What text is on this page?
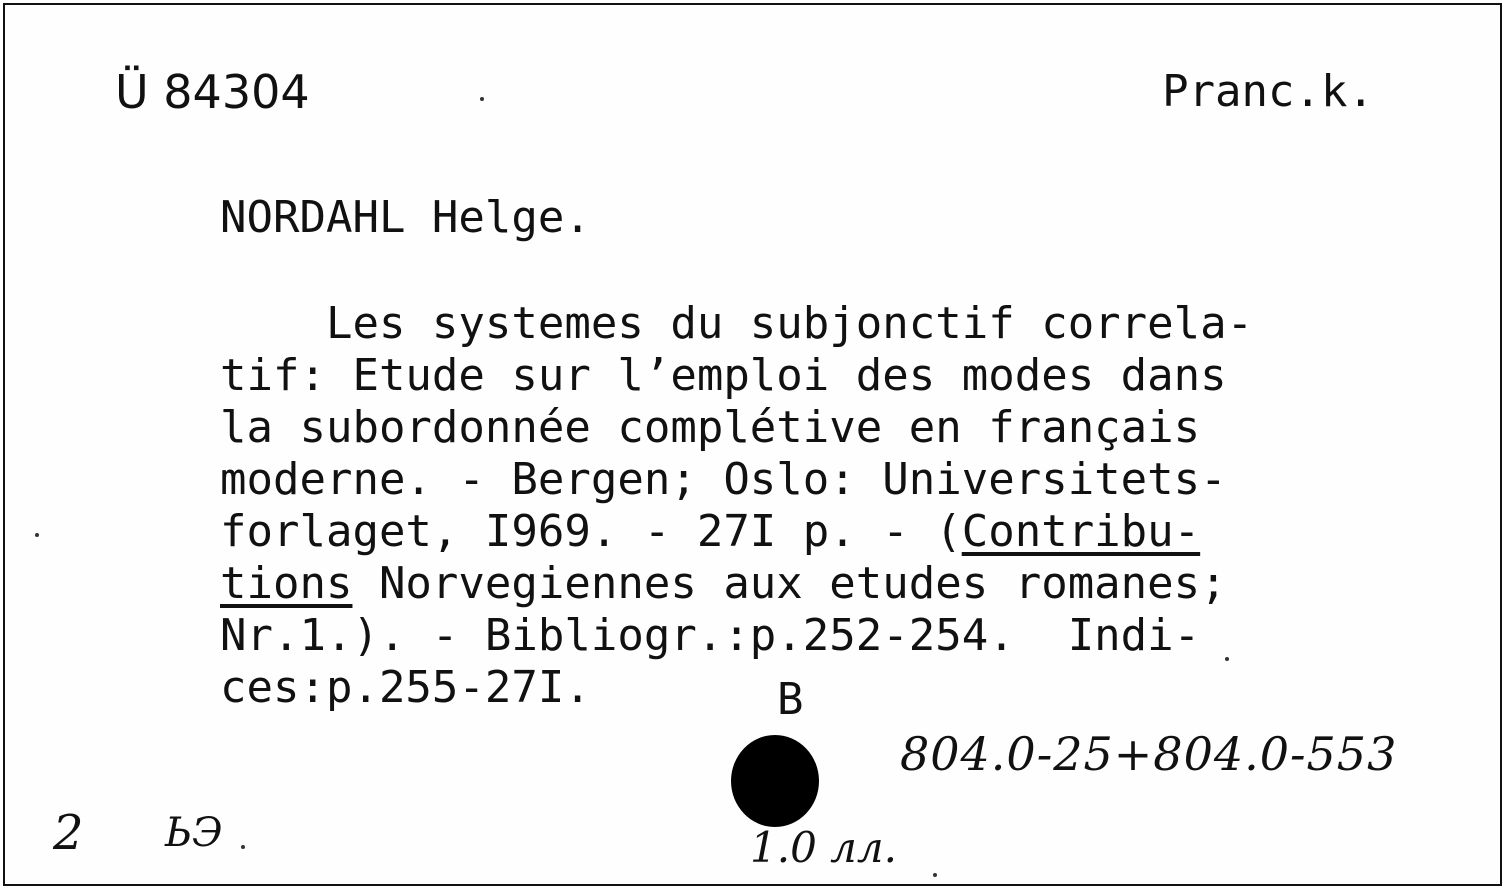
Ü 84304	Pranc.k.
NORDAHL Helge.
Les systemes du subjonctif correla-
tif: Etude sur l’emploi des modes dans
la subordonnée complétive en français
moderne. - Bergen; Oslo: Universitets-
forlaget, I969. - 27I p. - (Contribu-
tions Norvegiennes aux etudes romanes;
Nr.1.). - Bibliogr.:p.252-254.  Indi-
ces:p.255-27I.	B
804.0-25+804.0-553
2 ЬЭ	1.0 лл.
